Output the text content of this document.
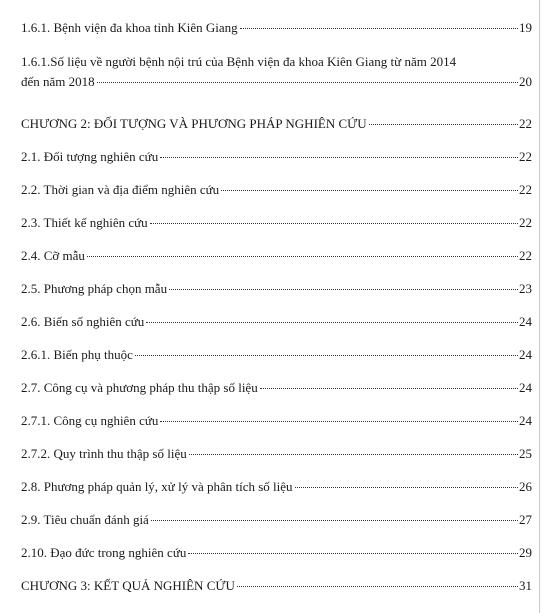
1.6.1. Bệnh viện đa khoa tỉnh Kiên Giang	19
1.6.1.Số liệu về người bệnh nội trú của Bệnh viện đa khoa Kiên Giang từ năm 2014
đến năm 2018	20
CHƯƠNG 2: ĐỐI TƯỢNG VÀ PHƯƠNG PHÁP NGHIÊN CỨU	22
2.1. Đối tượng nghiên cứu	22
2.2. Thời gian và địa điểm nghiên cứu	22
2.3. Thiết kế nghiên cứu	22
2.4. Cỡ mẫu	22
2.5. Phương pháp chọn mẫu	23
2.6. Biến số nghiên cứu	24
2.6.1. Biến phụ thuộc	24
2.7. Công cụ và phương pháp thu thập số liệu	24
2.7.1. Công cụ nghiên cứu	24
2.7.2. Quy trình thu thập số liệu	25
2.8. Phương pháp quản lý, xử lý và phân tích số liệu	26
2.9. Tiêu chuẩn đánh giá	27
2.10. Đạo đức trong nghiên cứu	29
CHƯƠNG 3: KẾT QUẢ NGHIÊN CỨU	31
